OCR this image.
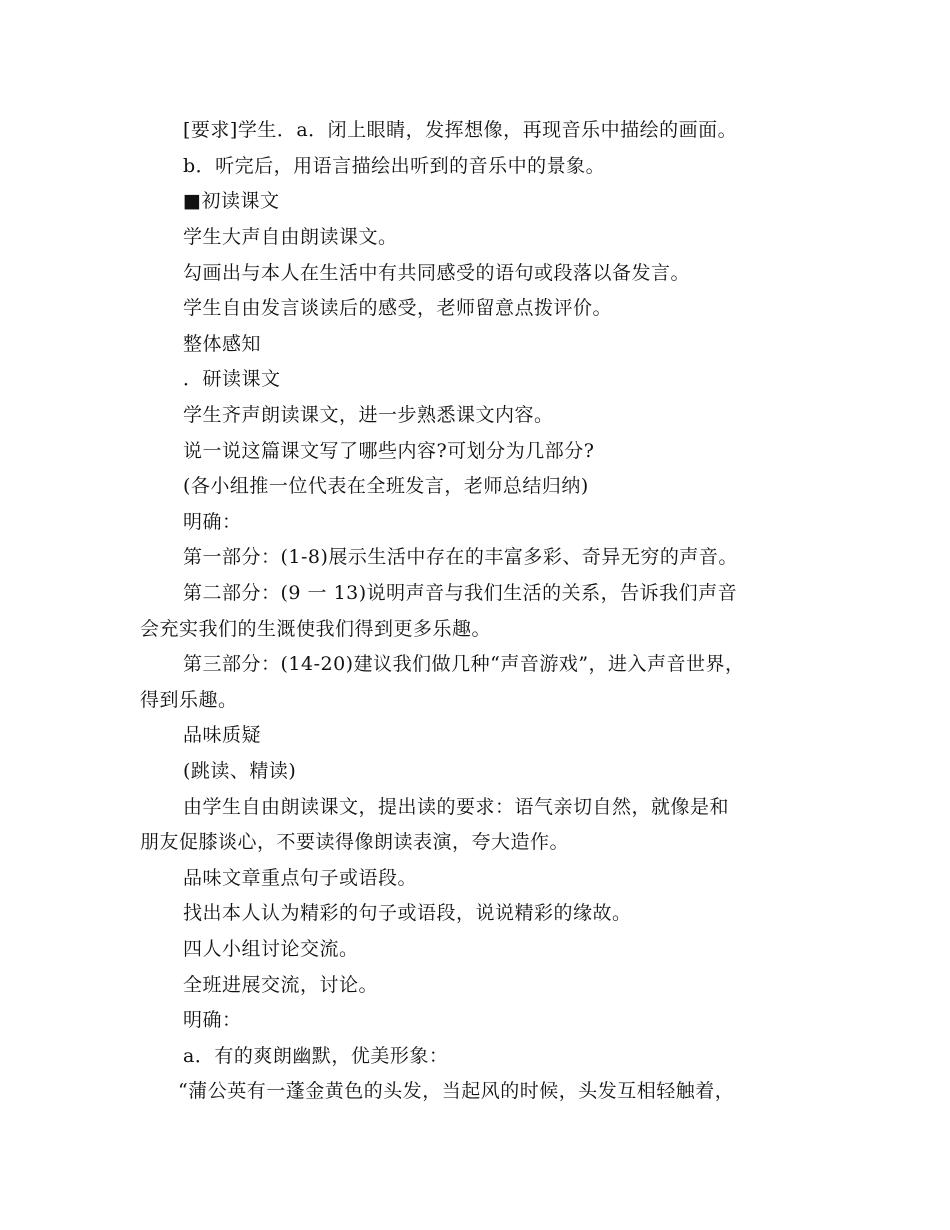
[要求]学生．a．闭上眼睛，发挥想像，再现音乐中描绘的画面。
b．听完后，用语言描绘出听到的音乐中的景象。
■初读课文
学生大声自由朗读课文。
勾画出与本人在生活中有共同感受的语句或段落以备发言。
学生自由发言谈读后的感受，老师留意点拨评价。
整体感知
．研读课文
学生齐声朗读课文，进一步熟悉课文内容。
说一说这篇课文写了哪些内容?可划分为几部分?
(各小组推一位代表在全班发言，老师总结归纳)
明确：
第一部分：(1-8)展示生活中存在的丰富多彩、奇异无穷的声音。
第二部分：(9 一 13)说明声音与我们生活的关系，告诉我们声音
会充实我们的生溉使我们得到更多乐趣。
第三部分：(14-20)建议我们做几种“声音游戏”，进入声音世界，
得到乐趣。
品味质疑
(跳读、精读)
由学生自由朗读课文，提出读的要求：语气亲切自然，就像是和
朋友促膝谈心，不要读得像朗读表演，夸大造作。
品味文章重点句子或语段。
找出本人认为精彩的句子或语段，说说精彩的缘故。
四人小组讨论交流。
全班进展交流，讨论。
明确：
a．有的爽朗幽默，优美形象：
“蒲公英有一蓬金黄色的头发，当起风的时候，头发互相轻触着，
